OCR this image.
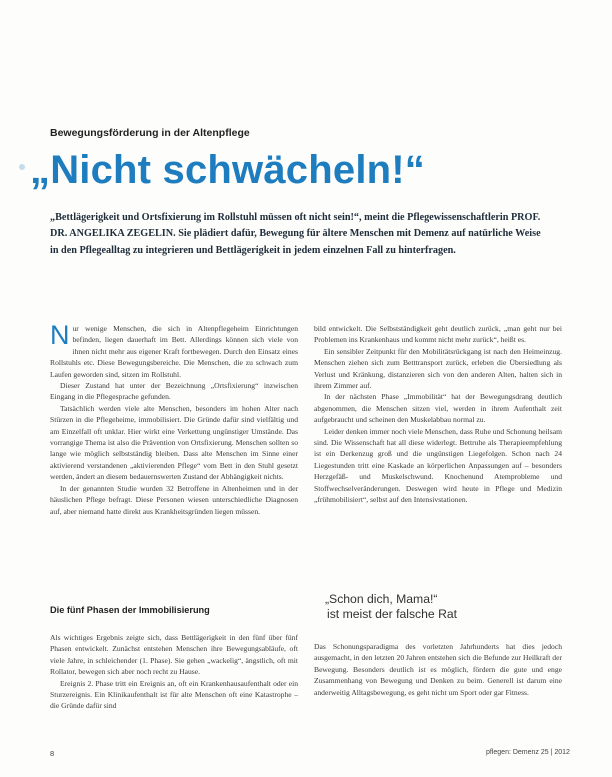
Bewegungsförderung in der Altenpflege
„Nicht schwächeln!“
„Bettlägerigkeit und Ortsfixierung im Rollstuhl müssen oft nicht sein!“, meint die Pflegewissenschaftlerin PROF. DR. ANGELIKA ZEGELIN. Sie plädiert dafür, Bewegung für ältere Menschen mit Demenz auf natürliche Weise in den Pflegealltag zu integrieren und Bettlägerigkeit in jedem einzelnen Fall zu hinterfragen.

Nur wenige Menschen, die sich in Altenpflegeheim Einrichtungen befinden, liegen dauerhaft im Bett. Allerdings können sich viele von ihnen nicht mehr aus eigener Kraft fortbewegen. Durch den Einsatz eines Rollstuhls etc. Diese Bewegungsbereiche. Die Menschen, die zu schwach zum Laufen geworden sind, sitzen im Rollstuhl.

Dieser Zustand hat unter der Bezeichnung „Ortsfixierung“ inzwischen Eingang in die Pflegesprache gefunden.

Tatsächlich werden viele alte Menschen, besonders im hohen Alter nach Stürzen in die Pflegeheime, immobilisiert. Die Gründe dafür sind vielfältig und am Einzelfall oft unklar. Hier wirkt eine Verkettung ungünstiger Umstände. Das vorrangige Thema ist also die Prävention von Ortsfixierung. Menschen sollten so lange wie möglich selbstständig bleiben. Dass alte Menschen im Sinne einer aktivierend verstandenen „aktivierenden Pflege“ vom Bett in den Stuhl gesetzt werden, ändert an diesem bedauernswerten Zustand der Abhängigkeit nichts.

In der genannten Studie wurden 32 Betroffene in Altenheimen und in der häuslichen Pflege befragt. Diese Personen wiesen unterschiedliche Diagnosen auf, aber niemand hatte direkt aus Krankheitsgründen liegen müssen.

bild entwickelt. Die Selbstständigkeit geht deutlich zurück, „man geht nur bei Problemen ins Krankenhaus und kommt nicht mehr zurück“, heißt es.

Ein sensibler Zeitpunkt für den Mobilitätsrückgang ist nach den Heimeinzug. Menschen ziehen sich zum Betttransport zurück, erleben die Übersiedlung als Verlust und Kränkung, distanzieren sich von den anderen Alten, halten sich in ihrem Zimmer auf.

In der nächsten Phase „Immobilität“ hat der Bewegungsdrang deutlich abgenommen, die Menschen sitzen viel, werden in ihrem Aufenthalt zeit aufgebraucht und scheinen den Muskelabbau normal zu.

Leider denken immer noch viele Menschen, dass Ruhe und Schonung heilsam sind. Die Wissenschaft hat all diese widerlegt. Bettruhe als Therapieempfehlung ist ein Derkenzug groß und die ungünstigen Liegefolgen. Schon nach 24 Liegestunden tritt eine Kaskade an körperlichen Anpassungen auf – besonders Herzgefäß- und Muskelschwund. Knochenund Atemprobleme und Stoffwechselveränderungen. Deswegen wird heute in Pflege und Medizin „frühmobilisiert“, selbst auf den Intensivstationen.

Die fünf Phasen der Immobilisierung

Als wichtiges Ergebnis zeigte sich, dass Bettlägerigkeit in den fünf über fünf Phasen entwickelt. Zunächst entstehen Menschen ihre Bewegungsabläufe, oft viele Jahre, in schleichender (1. Phase). Sie gehen „wackelig“, ängstlich, oft mit Rollator, bewegen sich aber noch recht zu Hause.

Ereignis 2. Phase tritt ein Ereignis an, oft ein Krankenhausaufenthalt oder ein Sturzereignis. Ein Klinikaufenthalt ist für alte Menschen oft eine Katastrophe – die Gründe dafür sind

„Schon dich, Mama!“
ist meist der falsche Rat

Das Schonungsparadigma des vorletzten Jahrhunderts hat dies jedoch ausgemacht, in den letzten 20 Jahren entstehen sich die Befunde zur Heilkraft der Bewegung. Besonders deutlich ist es möglich, fördern die gute und enge Zusammenhang von Bewegung und Denken zu beim. Generell ist darum eine anderweitig Alltagsbewegung, es geht nicht um Sport oder gar Fitness.

8	pflegen: Demenz 25 | 2012
